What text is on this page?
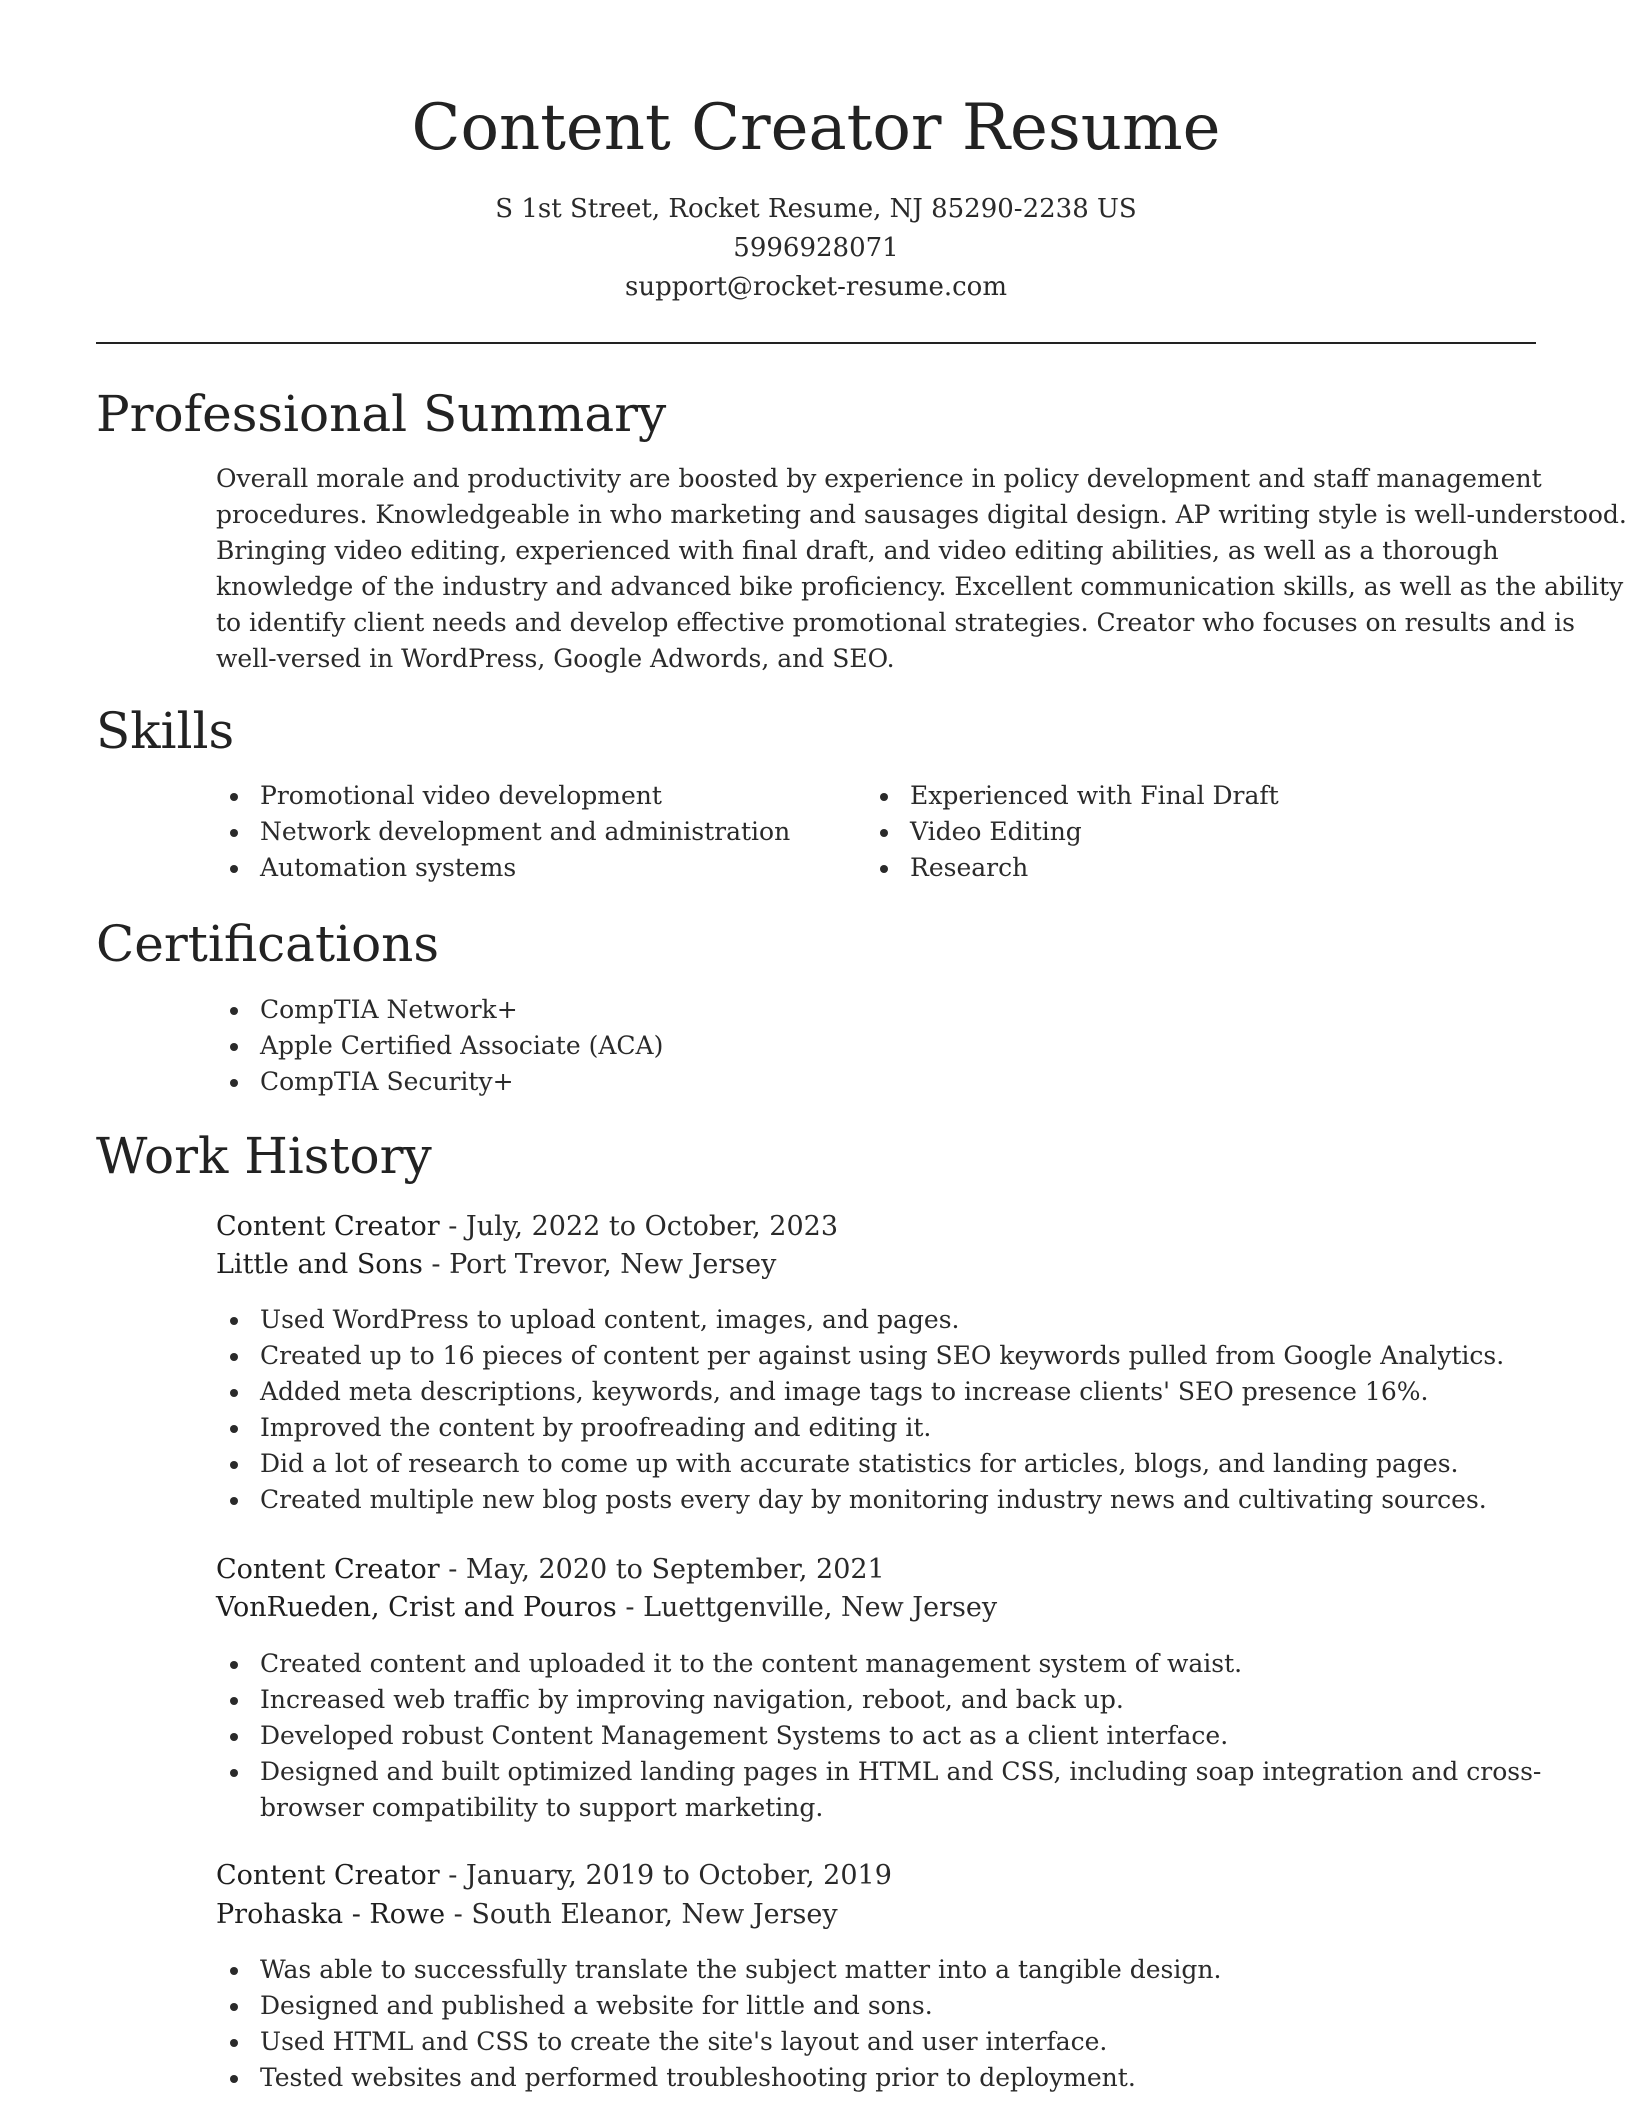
Content Creator Resume
S 1st Street, Rocket Resume, NJ 85290-2238 US
5996928071
support@rocket-resume.com
Professional Summary
Overall morale and productivity are boosted by experience in policy development and staff management
procedures. Knowledgeable in who marketing and sausages digital design. AP writing style is well-understood.
Bringing video editing, experienced with final draft, and video editing abilities, as well as a thorough
knowledge of the industry and advanced bike proficiency. Excellent communication skills, as well as the ability
to identify client needs and develop effective promotional strategies. Creator who focuses on results and is
well-versed in WordPress, Google Adwords, and SEO.
Skills
Promotional video development
Network development and administration
Automation systems
Experienced with Final Draft
Video Editing
Research
Certifications
CompTIA Network+
Apple Certified Associate (ACA)
CompTIA Security+
Work History
Content Creator - July, 2022 to October, 2023
Little and Sons - Port Trevor, New Jersey
Used WordPress to upload content, images, and pages.
Created up to 16 pieces of content per against using SEO keywords pulled from Google Analytics.
Added meta descriptions, keywords, and image tags to increase clients' SEO presence 16%.
Improved the content by proofreading and editing it.
Did a lot of research to come up with accurate statistics for articles, blogs, and landing pages.
Created multiple new blog posts every day by monitoring industry news and cultivating sources.
Content Creator - May, 2020 to September, 2021
VonRueden, Crist and Pouros - Luettgenville, New Jersey
Created content and uploaded it to the content management system of waist.
Increased web traffic by improving navigation, reboot, and back up.
Developed robust Content Management Systems to act as a client interface.
Designed and built optimized landing pages in HTML and CSS, including soap integration and cross-
browser compatibility to support marketing.
Content Creator - January, 2019 to October, 2019
Prohaska - Rowe - South Eleanor, New Jersey
Was able to successfully translate the subject matter into a tangible design.
Designed and published a website for little and sons.
Used HTML and CSS to create the site's layout and user interface.
Tested websites and performed troubleshooting prior to deployment.
